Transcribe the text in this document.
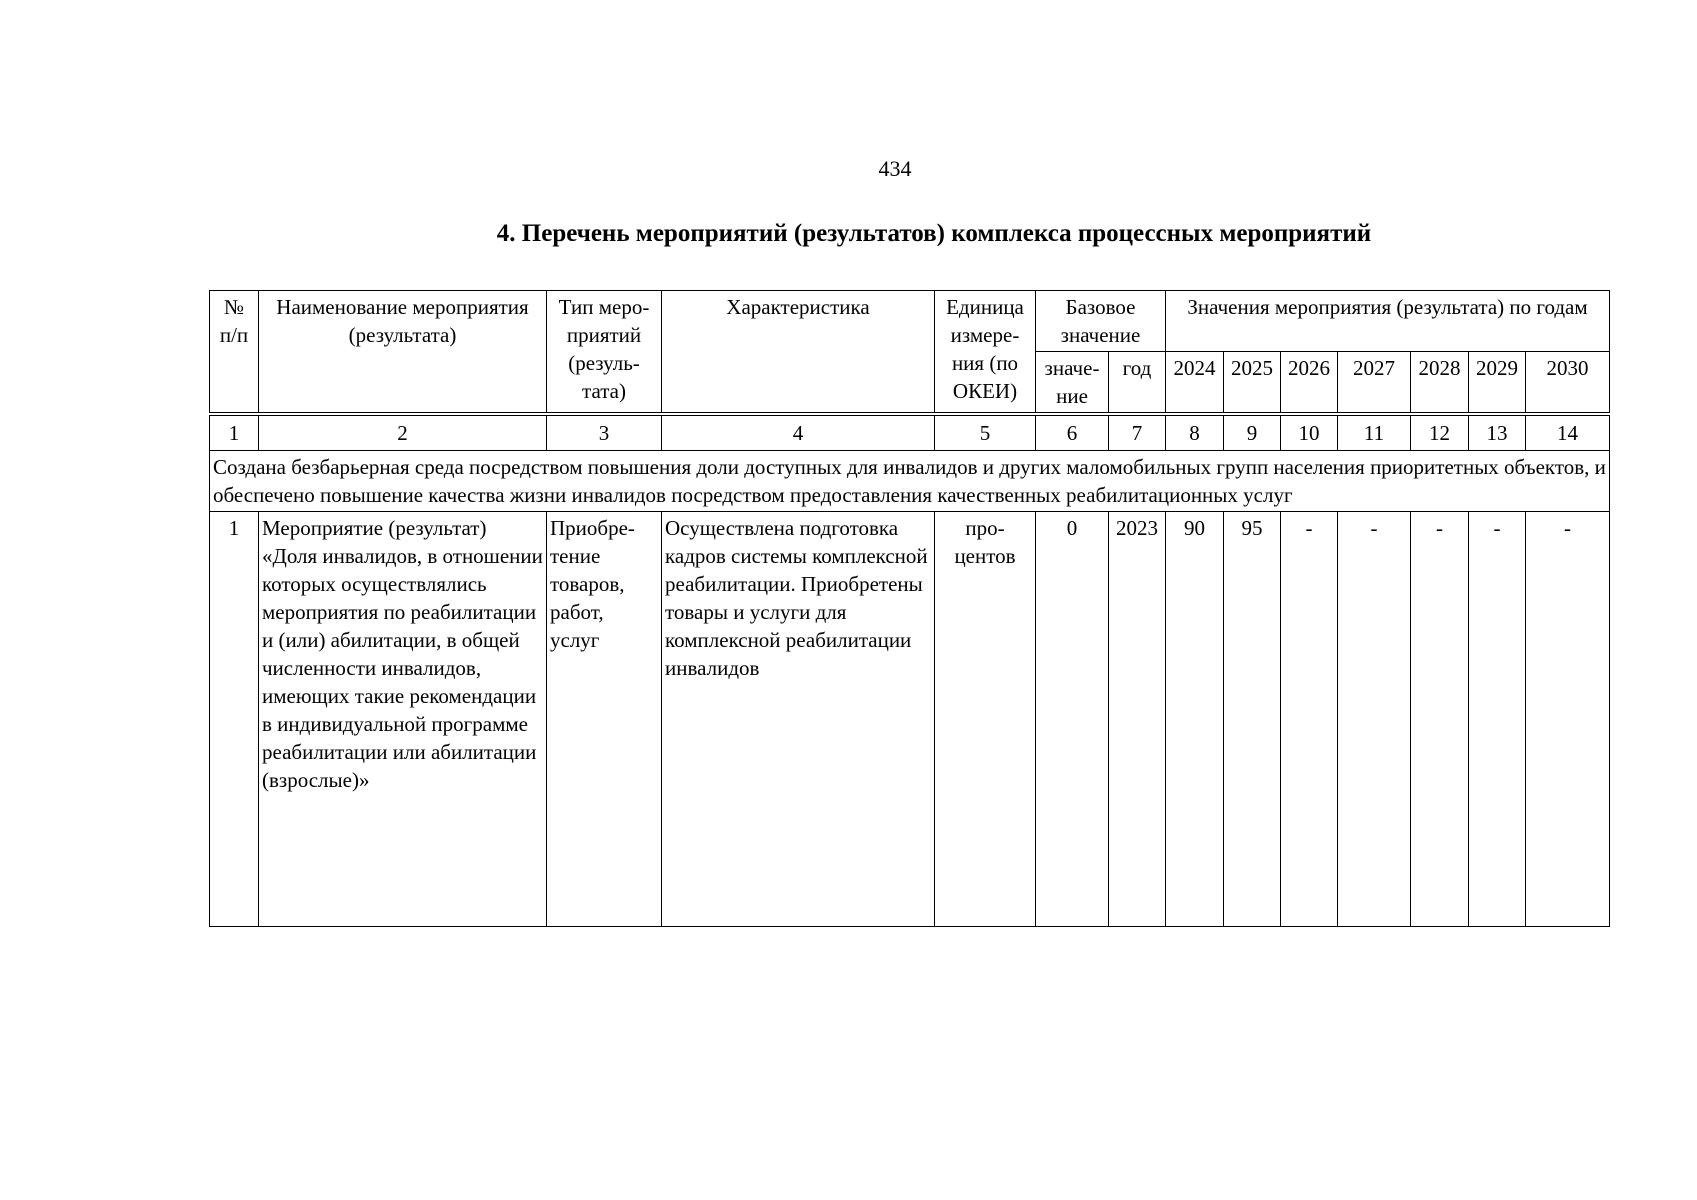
434
4. Перечень мероприятий (результатов) комплекса процессных мероприятий
№ п/п	Наименование мероприятия (результата)	Тип меро-приятий (резуль-тата)	Характеристика	Единица измере-ния (по ОКЕИ)	Базовое значение		Значения мероприятия (результата) по годам						
					значе-ние	год	2024	2025	2026	2027	2028	2029	2030

1	2	3	4	5	6	7	8	9	10	11	12	13	14
Создана безбарьерная среда посредством повышения доли доступных для инвалидов и других маломобильных групп населения приоритетных объектов, и обеспечено повышение качества жизни инвалидов посредством предоставления качественных реабилитационных услуг													
1	Мероприятие (результат) «Доля инвалидов, в отношении которых осуществлялись мероприятия по реабилитации и (или) абилитации, в общей численности инвалидов, имеющих такие рекомендации в индивидуальной программе реабилитации или абилитации (взрослые)»	Приобре-тение товаров, работ, услуг	Осуществлена подготовка кадров системы комплексной реабилитации. Приобретены товары и услуги для комплексной реабилитации инвалидов	про-центов	0	2023	90	95	-	-	-	-	-
